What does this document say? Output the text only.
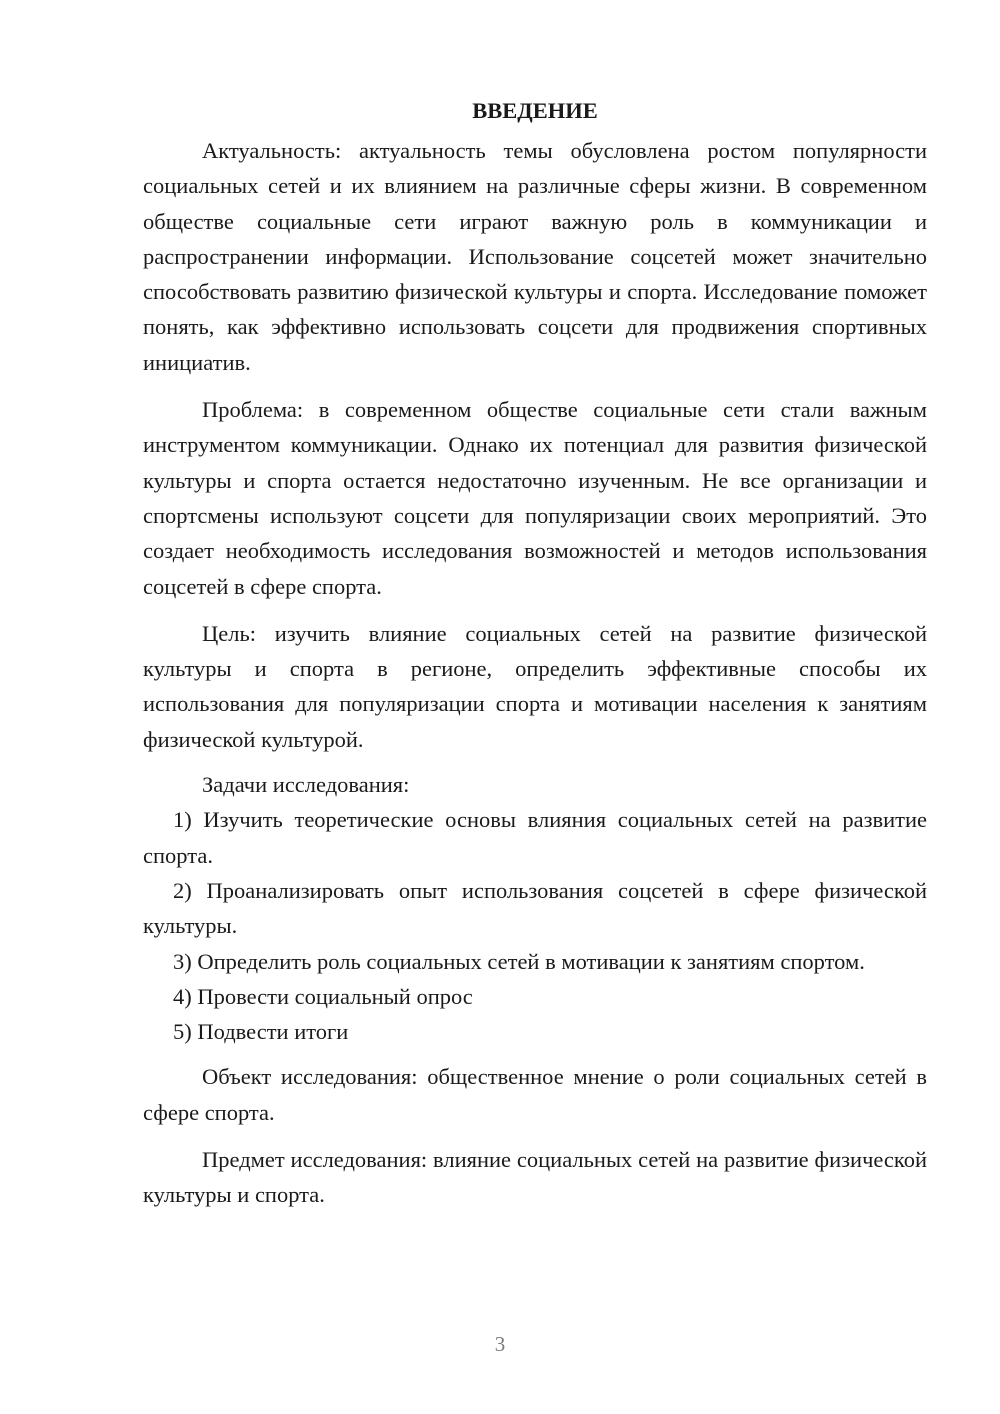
ВВЕДЕНИЕ

Актуальность: актуальность темы обусловлена ростом популярности социальных сетей и их влиянием на различные сферы жизни. В современном обществе социальные сети играют важную роль в коммуникации и распространении информации. Использование соцсетей может значительно способствовать развитию физической культуры и спорта. Исследование поможет понять, как эффективно использовать соцсети для продвижения спортивных инициатив.

Проблема: в современном обществе социальные сети стали важным инструментом коммуникации. Однако их потенциал для развития физической культуры и спорта остается недостаточно изученным. Не все организации и спортсмены используют соцсети для популяризации своих мероприятий. Это создает необходимость исследования возможностей и методов использования соцсетей в сфере спорта.

Цель: изучить влияние социальных сетей на развитие физической культуры и спорта в регионе, определить эффективные способы их использования для популяризации спорта и мотивации населения к занятиям физической культурой.

Задачи исследования:

1) Изучить теоретические основы влияния социальных сетей на развитие спорта.

2) Проанализировать опыт использования соцсетей в сфере физической культуры.

3) Определить роль социальных сетей в мотивации к занятиям спортом.

4) Провести социальный опрос

5) Подвести итоги

Объект исследования: общественное мнение о роли социальных сетей в сфере спорта.

Предмет исследования: влияние социальных сетей на развитие физической культуры и спорта.

3
